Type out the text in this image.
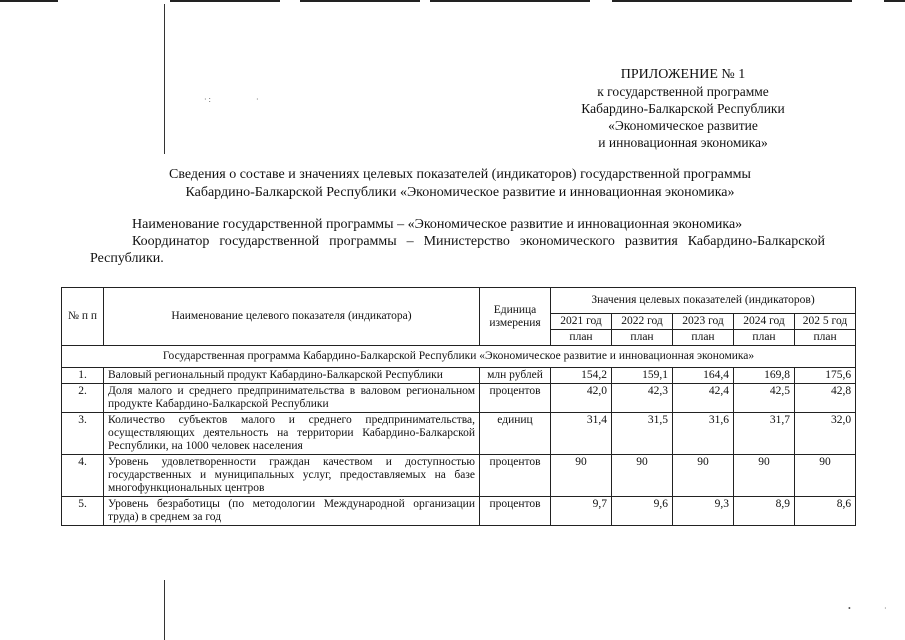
· :	·
•	·
ПРИЛОЖЕНИЕ № 1
к государственной программе
Кабардино-Балкарской Республики
«Экономическое развитие
и инновационная экономика»
Сведения о составе и значениях целевых показателей (индикаторов) государственной программы
Кабардино-Балкарской Республики «Экономическое развитие и инновационная экономика»
Наименование государственной программы – «Экономическое развитие и инновационная экономика»
Координатор государственной программы – Министерство экономического развития Кабардино-Балкарской Республики.
№ п п	Наименование целевого показателя (индикатора)	Единица измерения	Значения целевых показателей (индикаторов)				
			2021 год	2022 год	2023 год	2024 год	202 5 год
			план	план	план	план	план
Государственная программа Кабардино-Балкарской Республики «Экономическое развитие и инновационная экономика»							
1.	Валовый региональный продукт Кабардино-Балкарской Республики	млн рублей	154,2	159,1	164,4	169,8	175,6
2.	Доля малого и среднего предпринимательства в валовом региональном продукте Кабардино-Балкарской Республики	процентов	42,0	42,3	42,4	42,5	42,8
3.	Количество субъектов малого и среднего предпринимательства, осуществляющих деятельность на территории Кабардино-Балкарской Республики, на 1000 человек населения	единиц	31,4	31,5	31,6	31,7	32,0
4.	Уровень удовлетворенности граждан качеством и доступностью государственных и муниципальных услуг, предоставляемых на базе многофункциональных центров	процентов	90	90	90	90	90
5.	Уровень безработицы (по методологии Международной организации труда) в среднем за год	процентов	9,7	9,6	9,3	8,9	8,6
